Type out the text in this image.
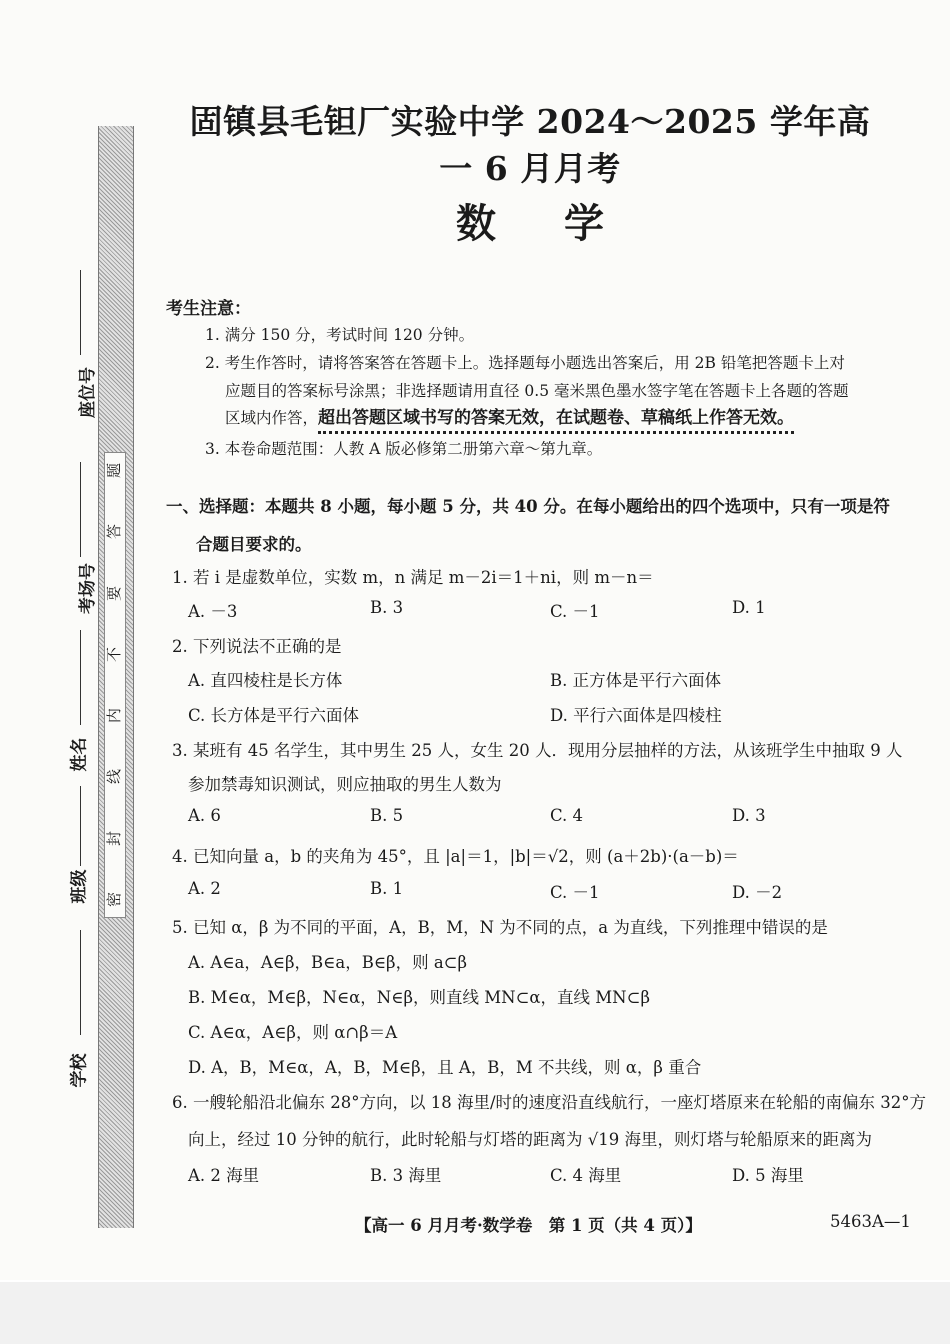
题
答
要
不
内
线
封
密
座位号
考场号
姓名
班级
学校
固镇县毛钽厂实验中学 2024～2025 学年高一 6 月月考
数学
考生注意：
1. 满分 150 分，考试时间 120 分钟。
2. 考生作答时，请将答案答在答题卡上。选择题每小题选出答案后，用 2B 铅笔把答题卡上对
应题目的答案标号涂黑；非选择题请用直径 0.5 毫米黑色墨水签字笔在答题卡上各题的答题
区域内作答，超出答题区域书写的答案无效，在试题卷、草稿纸上作答无效。
3. 本卷命题范围：人教 A 版必修第二册第六章～第九章。
一、选择题：本题共 8 小题，每小题 5 分，共 40 分。在每小题给出的四个选项中，只有一项是符
合题目要求的。
1. 若 i 是虚数单位，实数 m，n 满足 m－2i＝1＋ni，则 m－n＝
A. －3	B. 3	C. －1	D. 1
2. 下列说法不正确的是
A. 直四棱柱是长方体	B. 正方体是平行六面体
C. 长方体是平行六面体	D. 平行六面体是四棱柱
3. 某班有 45 名学生，其中男生 25 人，女生 20 人．现用分层抽样的方法，从该班学生中抽取 9 人
参加禁毒知识测试，则应抽取的男生人数为
A. 6	B. 5	C. 4	D. 3
4. 已知向量 a，b 的夹角为 45°，且 |a|＝1，|b|＝√2，则 (a＋2b)·(a－b)＝
A. 2	B. 1	C. －1	D. －2
5. 已知 α，β 为不同的平面，A，B，M，N 为不同的点，a 为直线，下列推理中错误的是
A. A∈a，A∈β，B∈a，B∈β，则 a⊂β
B. M∈α，M∈β，N∈α，N∈β，则直线 MN⊂α，直线 MN⊂β
C. A∈α，A∈β，则 α∩β＝A
D. A，B，M∈α，A，B，M∈β，且 A，B，M 不共线，则 α，β 重合
6. 一艘轮船沿北偏东 28°方向，以 18 海里/时的速度沿直线航行，一座灯塔原来在轮船的南偏东 32°方
向上，经过 10 分钟的航行，此时轮船与灯塔的距离为 √19 海里，则灯塔与轮船原来的距离为
A. 2 海里	B. 3 海里	C. 4 海里	D. 5 海里
【高一 6 月月考·数学卷　第 1 页（共 4 页）】	5463A—1
